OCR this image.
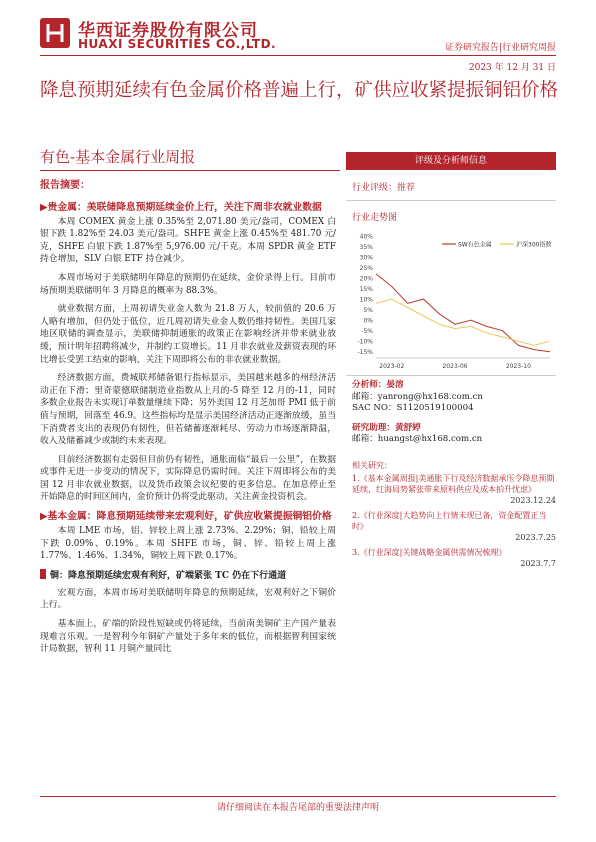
华西证券股份有限公司
HUAXI SECURITIES CO.,LTD.	证券研究报告|行业研究周报
2023 年 12 月 31 日
降息预期延续有色金属价格普遍上行，矿供应收紧提振铜铝价格
有色-基本金属行业周报
报告摘要：
▶贵金属：美联储降息预期延续金价上行，关注下周非农就业数据

本周 COMEX 黄金上涨 0.35%至 2,071.80 美元/盎司，COMEX 白银下跌 1.82%至 24.03 美元/盎司。SHFE 黄金上涨 0.45%至 481.70 元/克，SHFE 白银下跌 1.87%至 5,976.00 元/千克。本周 SPDR 黄金 ETF 持仓增加，SLV 白银 ETF 持仓减少。

本周市场对于美联储明年降息的预期仍在延续，金价录得上行。目前市场预期美联储明年 3 月降息的概率为 88.3%。

就业数据方面，上周初请失业金人数为 21.8 万人，较前值的 20.6 万人略有增加，但仍处于低位，近几周初请失业金人数仍维持韧性。美国几家地区联储的调查显示，美联储抑制通胀的政策正在影响经济并带来就业放缓，预计明年招聘将减少，并制约工资增长。11 月非农就业及薪资表现的环比增长受罢工结束的影响，关注下周即将公布的非农就业数据。

经济数据方面，费城联邦储备银行指标显示，美国越来越多的州经济活动正在下滑；里奇蒙德联储制造业指数从上月的-5 降至 12 月的-11，同时多数企业报告未实现订单数量继续下降；另外美国 12 月芝加哥 PMI 低于前值与预期，回落至 46.9。这些指标均是显示美国经济活动正逐渐放缓，虽当下消费者支出的表现仍有韧性，但若储蓄逐渐耗尽、劳动力市场逐渐降温，收入及储蓄减少或制约未来表现。

目前经济数据有走弱但目前仍有韧性，通胀面临“最后一公里”，在数据或事件无进一步变动的情况下，实际降息仍需时间。关注下周即将公布的美国 12 月非农就业数据，以及货币政策会议纪要的更多信息。在加息停止至开始降息的时间区间内，金价预计仍将受此驱动，关注黄金投资机会。

▶基本金属：降息预期延续带来宏观利好，矿供应收紧提振铜铝价格

本周 LME 市场，铝、锌较上周上涨 2.73%、2.29%；铜、铅较上周下跌 0.09%、0.19%。本周 SHFE 市场，铜、锌、铅较上周上涨 1.77%、1.46%、1.34%，铜较上周下跌 0.17%。

铜：降息预期延续宏观有利好，矿端紧张 TC 仍在下行通道

宏观方面，本周市场对美联储明年降息的预期延续，宏观利好之下铜价上行。

基本面上，矿端的阶段性短缺或仍将延续，当前南美铜矿主产国产量表现难言乐观。一是智利今年铜矿产量处于多年来的低位，而根据智利国家统计局数据，智利 11 月铜产量同比

评级及分析师信息
行业评级：推荐
行业走势图
40%
35%
30%
25%
20%
15%
10%
5%
0%
-5%
-10%
-15%
2023-02	2023-06	2023-10
SW有色金属	沪深300指数
分析师：晏溶
邮箱：yanrong@hx168.com.cn
SAC NO：S1120519100004
研究助理：黄舒婷
邮箱：huangst@hx168.com.cn
相关研究：
1.《基本金属周报|美通胀下行及经济数据承压令降息预期延续，红海局势紧张带来原料供应及成本拍升忧虑》
2023.12.24
2.《行业深度|大趋势向上行情未现已备，资金配置正当时》
2023.7.25
3.《行业深度|关键战略金属供需情况梳理》
2023.7.7
请仔细阅读在本报告尾部的重要法律声明
